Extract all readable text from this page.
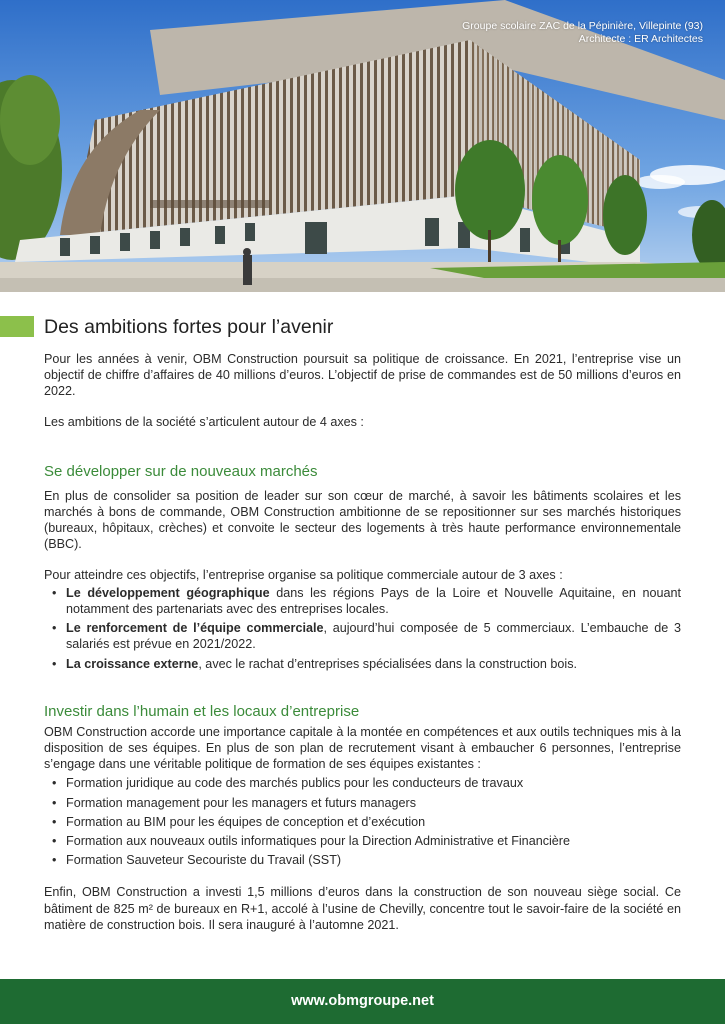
Groupe scolaire ZAC de la Pépinière, Villepinte (93)
Architecte : ER Architectes
Des ambitions fortes pour l’avenir

Pour les années à venir, OBM Construction poursuit sa politique de croissance. En 2021, l’entreprise vise un objectif de chiffre d’affaires de 40 millions d’euros. L’objectif de prise de commandes est de 50 millions d’euros en 2022.

Les ambitions de la société s’articulent autour de 4 axes :

Se développer sur de nouveaux marchés

En plus de consolider sa position de leader sur son cœur de marché, à savoir les bâtiments scolaires et les marchés à bons de commande, OBM Construction ambitionne de se repositionner sur ses marchés historiques (bureaux, hôpitaux, crèches) et convoite le secteur des logements à très haute performance environnementale (BBC).

Pour atteindre ces objectifs, l’entreprise organise sa politique commerciale autour de 3 axes :

• Le développement géographique dans les régions Pays de la Loire et Nouvelle Aquitaine, en nouant notamment des partenariats avec des entreprises locales.
• Le renforcement de l’équipe commerciale, aujourd’hui composée de 5 commerciaux. L’embauche de 3 salariés est prévue en 2021/2022.
• La croissance externe, avec le rachat d’entreprises spécialisées dans la construction bois.
Investir dans l’humain et les locaux d’entreprise

OBM Construction accorde une importance capitale à la montée en compétences et aux outils techniques mis à la disposition de ses équipes. En plus de son plan de recrutement visant à embaucher 6 personnes, l’entreprise s’engage dans une véritable politique de formation de ses équipes existantes :

• Formation juridique au code des marchés publics pour les conducteurs de travaux
• Formation management pour les managers et futurs managers
• Formation au BIM pour les équipes de conception et d’exécution
• Formation aux nouveaux outils informatiques pour la Direction Administrative et Financière
• Formation Sauveteur Secouriste du Travail (SST)

Enfin, OBM Construction a investi 1,5 millions d’euros dans la construction de son nouveau siège social. Ce bâtiment de 825 m² de bureaux en R+1, accolé à l’usine de Chevilly, concentre tout le savoir-faire de la société en matière de construction bois. Il sera inauguré à l’automne 2021.

www.obmgroupe.net
